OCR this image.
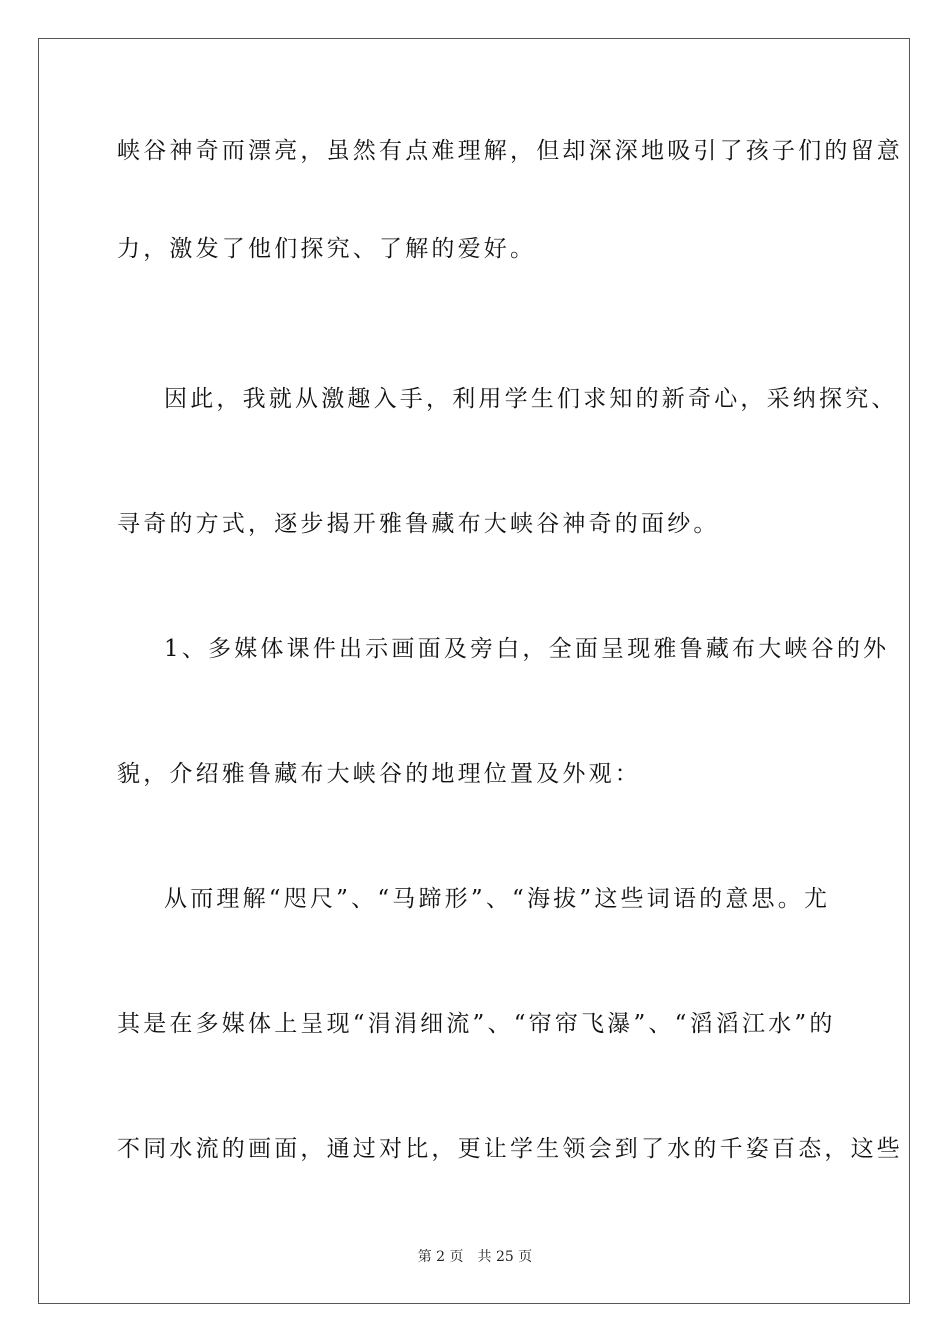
峡谷神奇而漂亮，虽然有点难理解，但却深深地吸引了孩子们的留意
力，激发了他们探究、了解的爱好。
因此，我就从激趣入手，利用学生们求知的新奇心，采纳探究、
寻奇的方式，逐步揭开雅鲁藏布大峡谷神奇的面纱。
1、多媒体课件出示画面及旁白，全面呈现雅鲁藏布大峡谷的外
貌，介绍雅鲁藏布大峡谷的地理位置及外观：
从而理解“咫尺”、“马蹄形”、“海拔”这些词语的意思。尤
其是在多媒体上呈现“涓涓细流”、“帘帘飞瀑”、“滔滔江水”的
不同水流的画面，通过对比，更让学生领会到了水的千姿百态，这些
第 2 页　共 25 页
